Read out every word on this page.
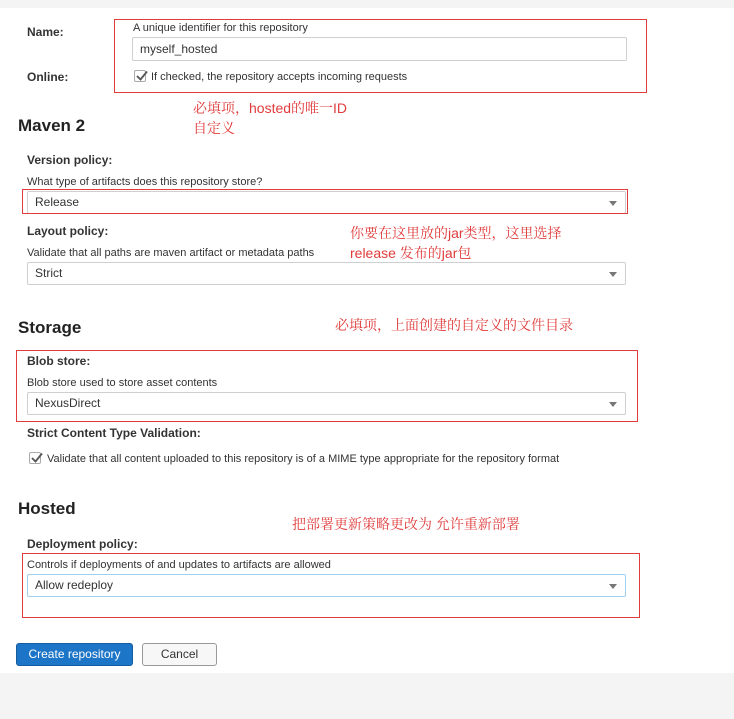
Name:	A unique identifier for this repository
myself_hosted
Online:	If checked, the repository accepts incoming requests
必填项，hosted的唯一ID
自定义
Maven 2
Version policy:
What type of artifacts does this repository store?
Release
Layout policy:
Validate that all paths are maven artifact or metadata paths
Strict
你要在这里放的jar类型，这里选择
release 发布的jar包
Storage	必填项，上面创建的自定义的文件目录
Blob store:
Blob store used to store asset contents
NexusDirect
Strict Content Type Validation:
Validate that all content uploaded to this repository is of a MIME type appropriate for the repository format
Hosted
把部署更新策略更改为 允许重新部署
Deployment policy:
Controls if deployments of and updates to artifacts are allowed
Allow redeploy
Create repository	Cancel
